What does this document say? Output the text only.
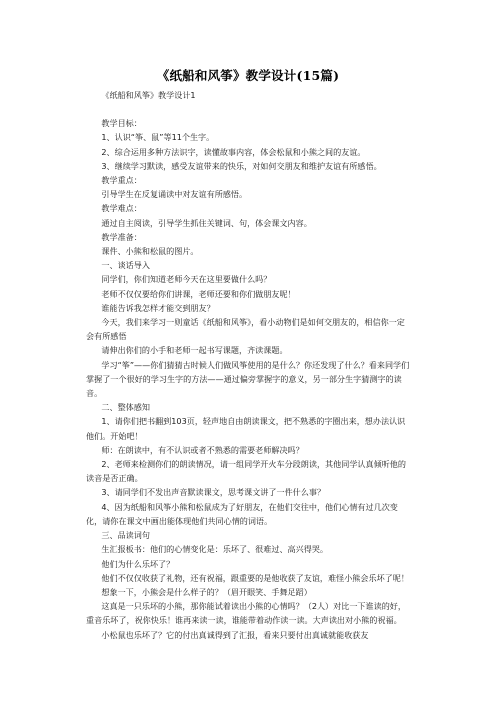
《纸船和风筝》教学设计(15篇)

《纸船和风筝》教学设计1

教学目标：

1、认识“筝、鼠”等11个生字。

2、综合运用多种方法识字，读懂故事内容，体会松鼠和小熊之间的友谊。

3、继续学习默读，感受友谊带来的快乐，对如何交朋友和维护友谊有所感悟。

教学重点：

引导学生在反复诵读中对友谊有所感悟。

教学难点：

通过自主阅读，引导学生抓住关键词、句，体会课文内容。

教学准备：

课件、小熊和松鼠的图片。

一、谈话导入

同学们，你们知道老师今天在这里要做什么吗？

老师不仅仅要给你们讲课，老师还要和你们做朋友呢！

谁能告诉我怎样才能交到朋友？

今天，我们来学习一则童话《纸船和风筝》，看小动物们是如何交朋友的，相信你一定会有所感悟

请伸出你们的小手和老师一起书写课题，齐读课题。

学习“筝”——你们猜猜古时候人们做风筝使用的是什么？你还发现了什么？看来同学们掌握了一个很好的学习生字的方法——通过偏旁掌握字的意义，另一部分生字猜测字的读音。

二、整体感知

1、请你们把书翻到103页，轻声地自由朗读课文，把不熟悉的字圈出来，想办法认识他们。开始吧！

师：在朗读中，有不认识或者不熟悉的需要老师解决吗？

2、老师来检测你们的朗读情况，请一组同学开火车分段朗读，其他同学认真倾听他的读音是否正确。

3、请同学们不发出声音默读课文，思考课文讲了一件什么事？

4、因为纸船和风筝小熊和松鼠成为了好朋友，在他们交往中，他们心情有过几次变化，请你在课文中画出能体现他们共同心情的词语。

三、品读词句

生汇报板书：他们的心情变化是：乐坏了、很难过、高兴得哭。

他们为什么乐坏了？

他们不仅仅收获了礼物，还有祝福，跟重要的是他收获了友谊，难怪小熊会乐坏了呢！

想象一下，小熊会是什么样子的？（眉开眼笑、手舞足蹈）

这真是一只乐坏的小熊，那你能试着读出小熊的心情吗？（2人）对比一下谁读的好，重音乐坏了，祝你快乐！谁再来读一读，谁能带着动作读一读。大声读出对小熊的祝福。

小松鼠也乐坏了？它的付出真诚得到了汇报，看来只要付出真诚就能收获友
